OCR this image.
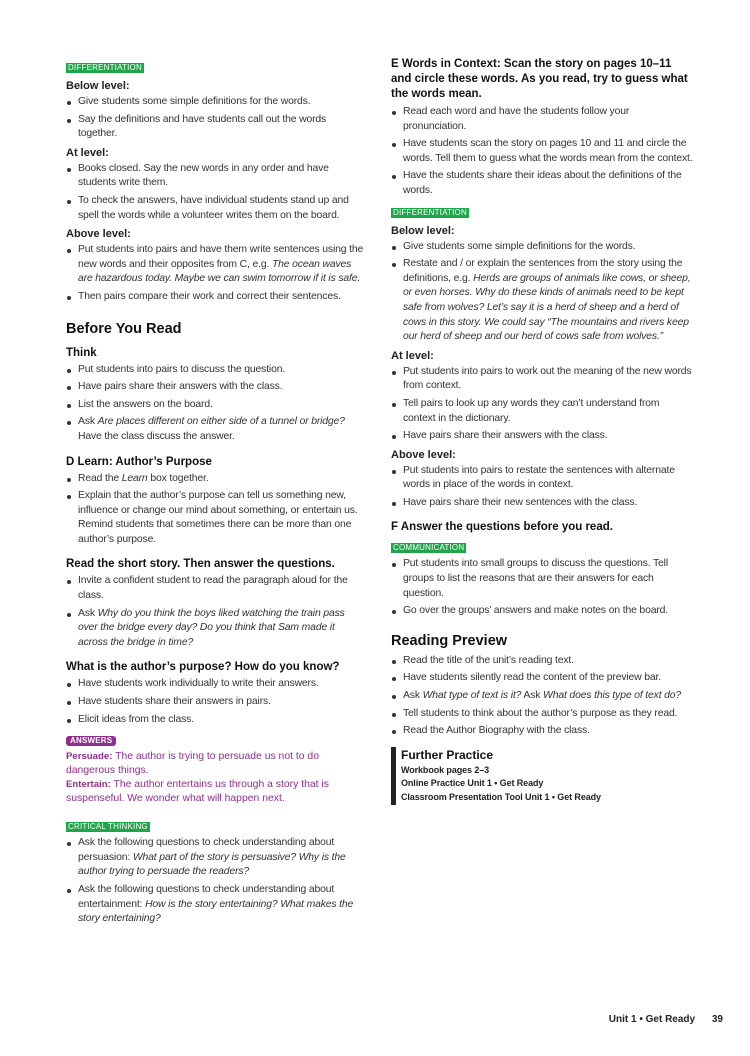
DIFFERENTIATION
Below level:
Give students some simple definitions for the words.
Say the definitions and have students call out the words together.
At level:
Books closed. Say the new words in any order and have students write them.
To check the answers, have individual students stand up and spell the words while a volunteer writes them on the board.
Above level:
Put students into pairs and have them write sentences using the new words and their opposites from C, e.g. The ocean waves are hazardous today. Maybe we can swim tomorrow if it is safe.
Then pairs compare their work and correct their sentences.
Before You Read
Think
Put students into pairs to discuss the question.
Have pairs share their answers with the class.
List the answers on the board.
Ask Are places different on either side of a tunnel or bridge? Have the class discuss the answer.
D Learn: Author’s Purpose
Read the Learn box together.
Explain that the author’s purpose can tell us something new, influence or change our mind about something, or entertain us. Remind students that sometimes there can be more than one author’s purpose.
Read the short story. Then answer the questions.
Invite a confident student to read the paragraph aloud for the class.
Ask Why do you think the boys liked watching the train pass over the bridge every day? Do you think that Sam made it across the bridge in time?
What is the author’s purpose? How do you know?
Have students work individually to write their answers.
Have students share their answers in pairs.
Elicit ideas from the class.
ANSWERS
Persuade: The author is trying to persuade us not to do dangerous things.
Entertain: The author entertains us through a story that is suspenseful. We wonder what will happen next.
CRITICAL THINKING
Ask the following questions to check understanding about persuasion: What part of the story is persuasive? Why is the author trying to persuade the readers?
Ask the following questions to check understanding about entertainment: How is the story entertaining? What makes the story entertaining?
E Words in Context: Scan the story on pages 10–11 and circle these words. As you read, try to guess what the words mean.
Read each word and have the students follow your pronunciation.
Have students scan the story on pages 10 and 11 and circle the words. Tell them to guess what the words mean from the context.
Have the students share their ideas about the definitions of the words.
DIFFERENTIATION
Below level:
Give students some simple definitions for the words.
Restate and / or explain the sentences from the story using the definitions, e.g. Herds are groups of animals like cows, or sheep, or even horses. Why do these kinds of animals need to be kept safe from wolves? Let’s say it is a herd of sheep and a herd of cows in this story. We could say “The mountains and rivers keep our herd of sheep and our herd of cows safe from wolves.”
At level:
Put students into pairs to work out the meaning of the new words from context.
Tell pairs to look up any words they can’t understand from context in the dictionary.
Have pairs share their answers with the class.
Above level:
Put students into pairs to restate the sentences with alternate words in place of the words in context.
Have pairs share their new sentences with the class.
F Answer the questions before you read.
COMMUNICATION
Put students into small groups to discuss the questions. Tell groups to list the reasons that are their answers for each question.
Go over the groups’ answers and make notes on the board.
Reading Preview
Read the title of the unit’s reading text.
Have students silently read the content of the preview bar.
Ask What type of text is it? Ask What does this type of text do?
Tell students to think about the author’s purpose as they read.
Read the Author Biography with the class.
Further Practice
Workbook pages 2–3
Online Practice Unit 1 • Get Ready
Classroom Presentation Tool Unit 1 • Get Ready
Unit 1 • Get Ready 39
